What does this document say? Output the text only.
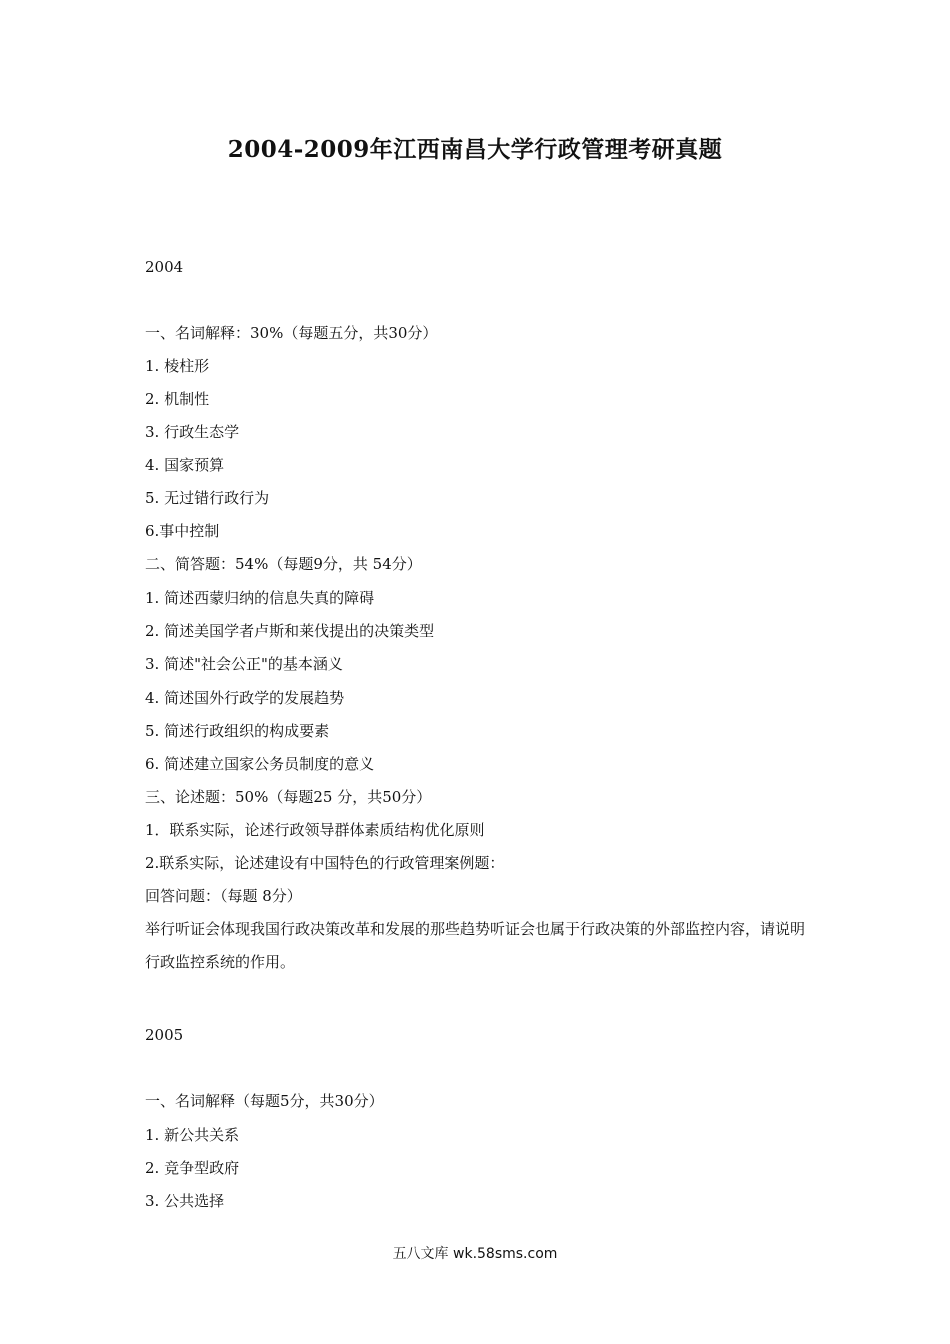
2004-2009年江西南昌大学行政管理考研真题
2004
一、名词解释：30%（每题五分，共30分）
1. 棱柱形
2. 机制性
3. 行政生态学
4. 国家预算
5. 无过错行政行为
6.事中控制
二、简答题：54%（每题9分，共 54分）
1. 简述西蒙归纳的信息失真的障碍
2. 简述美国学者卢斯和莱伐提出的决策类型
3. 简述"社会公正"的基本涵义
4. 简述国外行政学的发展趋势
5. 简述行政组织的构成要素
6. 简述建立国家公务员制度的意义
三、论述题：50%（每题25 分，共50分）
1．联系实际，论述行政领导群体素质结构优化原则
2.联系实际，论述建设有中国特色的行政管理案例题：
回答问题：（每题 8分）
举行听证会体现我国行政决策改革和发展的那些趋势听证会也属于行政决策的外部监控内容，请说明行政监控系统的作用。
2005
一、名词解释（每题5分，共30分）
1. 新公共关系
2. 竞争型政府
3. 公共选择
五八文库 wk.58sms.com
